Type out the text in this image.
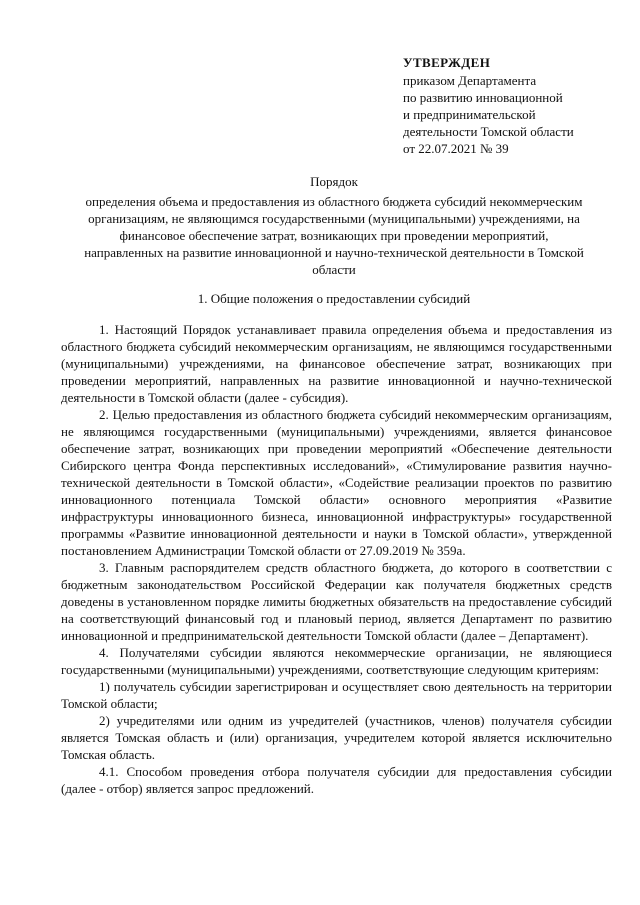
УТВЕРЖДЕН
приказом Департамента
по развитию инновационной
и предпринимательской
деятельности Томской области
от 22.07.2021 № 39
Порядок
определения объема и предоставления из областного бюджета субсидий некоммерческим
организациям, не являющимся государственными (муниципальными) учреждениями, на
финансовое обеспечение затрат, возникающих при проведении мероприятий,
направленных на развитие инновационной и научно-технической деятельности в Томской
области
1. Общие положения о предоставлении субсидий

1. Настоящий Порядок устанавливает правила определения объема и предоставления из областного бюджета субсидий некоммерческим организациям, не являющимся государственными (муниципальными) учреждениями, на финансовое обеспечение затрат, возникающих при проведении мероприятий, направленных на развитие инновационной и научно-технической деятельности в Томской области (далее - субсидия).

2. Целью предоставления из областного бюджета субсидий некоммерческим организациям, не являющимся государственными (муниципальными) учреждениями, является финансовое обеспечение затрат, возникающих при проведении мероприятий «Обеспечение деятельности Сибирского центра Фонда перспективных исследований», «Стимулирование развития научно-технической деятельности в Томской области», «Содействие реализации проектов по развитию инновационного потенциала Томской области» основного мероприятия «Развитие инфраструктуры инновационного бизнеса, инновационной инфраструктуры» государственной программы «Развитие инновационной деятельности и науки в Томской области», утвержденной постановлением Администрации Томской области от 27.09.2019 № 359а.

3. Главным распорядителем средств областного бюджета, до которого в соответствии с бюджетным законодательством Российской Федерации как получателя бюджетных средств доведены в установленном порядке лимиты бюджетных обязательств на предоставление субсидий на соответствующий финансовый год и плановый период, является Департамент по развитию инновационной и предпринимательской деятельности Томской области (далее – Департамент).

4. Получателями субсидии являются некоммерческие организации, не являющиеся государственными (муниципальными) учреждениями, соответствующие следующим критериям:

1) получатель субсидии зарегистрирован и осуществляет свою деятельность на территории Томской области;

2) учредителями или одним из учредителей (участников, членов) получателя субсидии является Томская область и (или) организация, учредителем которой является исключительно Томская область.

4.1. Способом проведения отбора получателя субсидии для предоставления субсидии (далее - отбор) является запрос предложений.
